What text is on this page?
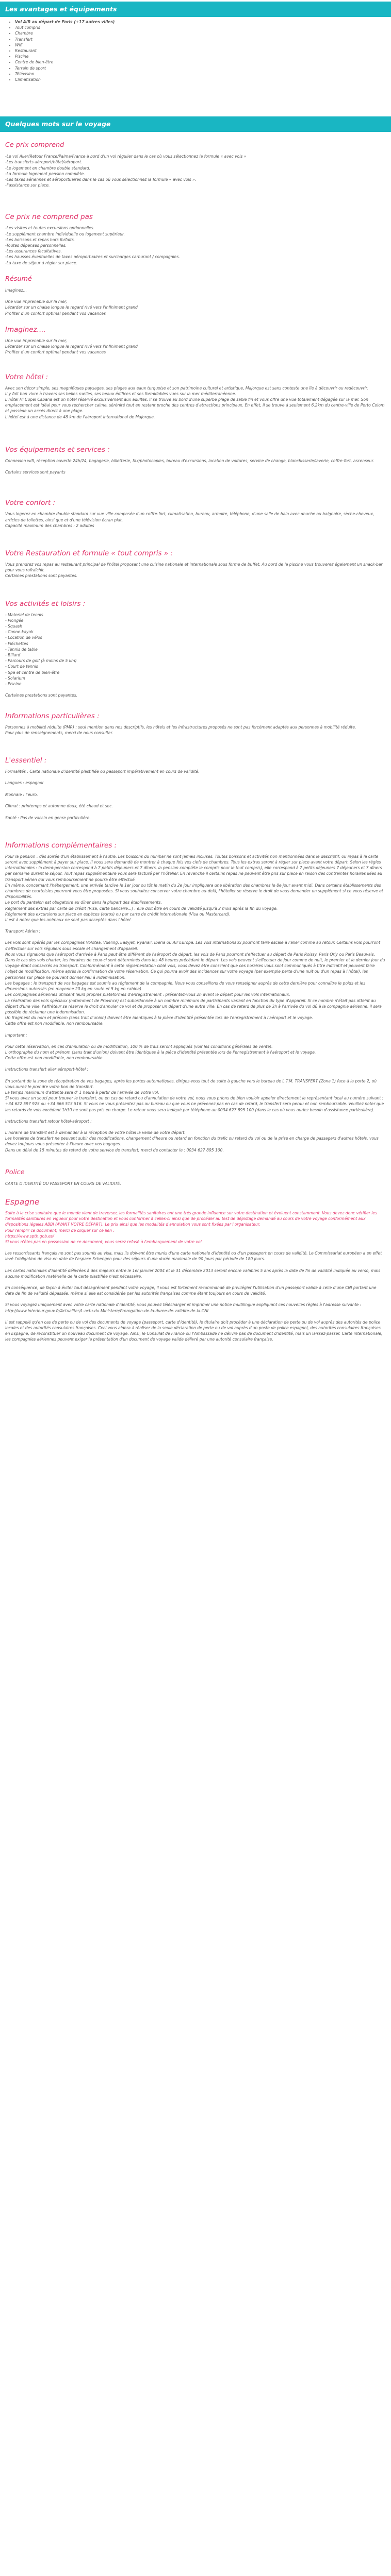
Les avantages et équipements
• Vol A/R au départ de Paris (+17 autres villes)
• Tout compris
• Chambre
• Transfert
• Wifi
• Restaurant
• Piscine
• Centre de bien-être
• Terrain de sport
• Télévision
• Climatisation
Quelques mots sur le voyage
Ce prix comprend

-Le vol Aller/Retour France/Palma/France à bord d'un vol régulier dans le cas où vous sélectionnez la formule « avec vols »

-Les transferts aéroport/hôtel/aéroport.

-Le logement en chambre double standard.

-La formule logement pension complète.

-Les taxes aériennes et aéroportuaires dans le cas où vous sélectionnez la formule « avec vols ».

-l'assistance sur place.

Ce prix ne comprend pas

-Les visites et toutes excursions optionnelles.

-Le supplément chambre individuelle ou logement supérieur.

-Les boissons et repas hors forfaits.

-Toutes dépenses personnelles.

-Les assurances facultatives.

-Les hausses éventuelles de taxes aéroportuaires et surcharges carburant / compagnies.

-La taxe de séjour à régler sur place.

Résumé

Imaginez...

Une vue imprenable sur la mer,

Lézarder sur un chaise longue le regard rivé vers l'infiniment grand

Profiter d'un confort optimal pendant vos vacances

Imaginez....

Une vue imprenable sur la mer,

Lézarder sur un chaise longue le regard rivé vers l'infiniment grand

Profiter d'un confort optimal pendant vos vacances

Votre hôtel :

Avec son décor simple, ses magnifiques paysages, ses plages aux eaux turquoise et son patrimoine culturel et artistique, Majorque est sans conteste une île à découvrir ou redécouvrir.

Il y fait bon vivre à travers ses belles ruelles, ses beaux édifices et ses formidables vues sur la mer méditerranéenne.

L'hôtel Hi Cupel Cabana est un hôtel réservé exclusivement aux adultes. Il se trouve au bord d'une superbe plage de sable fin et vous offre une vue totalement dégagée sur la mer. Son emplacement est idéal pour vous rechercher calme, sérénité tout en restant proche des centres d'attractions principaux. En effet, il se trouve à seulement 6.2km du centre-ville de Porto Colom et possède un accès direct à une plage.

L'hôtel est à une distance de 48 km de l'aéroport international de Majorque.

Vos équipements et services :

Connexion wifi, réception ouverte 24h/24, bagagerie, billetterie, fax/photocopies, bureau d'excursions, location de voitures, service de change, blanchisserie/laverie, coffre-fort, ascenseur.

Certains services sont payants

Votre confort :

Vous logerez en chambre double standard sur vue ville composée d'un coffre-fort, climatisation, bureau, armoire, téléphone, d'une salle de bain avec douche ou baignoire, sèche-cheveux, articles de toilettes, ainsi que et d'une télévision écran plat.

Capacité maximum des chambres : 2 adultes

Votre Restauration et formule « tout compris » :

Vous prendrez vos repas au restaurant principal de l'hôtel proposant une cuisine nationale et internationale sous forme de buffet. Au bord de la piscine vous trouverez également un snack-bar pour vous rafraîchir.

Certaines prestations sont payantes.

Vos activités et loisirs :

- Materiel de tennis

- Plongée

- Squash

- Canoe-kayak

- Location de vélos

- Fléchettes

- Tennis de table

- Billard

- Parcours de golf (à moins de 5 km)

- Court de tennis

- Spa et centre de bien-être

- Solarium

- Piscine

Certaines prestations sont payantes.

Informations particulières :

Personnes à mobilité réduite (PMR) : seul mention dans nos descriptifs, les hôtels et les infrastructures proposés ne sont pas forcément adaptés aux personnes à mobilité réduite.

Pour plus de renseignements, merci de nous consulter.

L'essentiel :

Formalités : Carte nationale d'identité plastifiée ou passeport impérativement en cours de validité.

Langues : espagnol

Monnaie : l'euro.

Climat : printemps et automne doux, été chaud et sec.

Santé : Pas de vaccin en genre particulière.

Informations complémentaires :

Pour la pension : dès soirée d'un établissement à l'autre. Les boissons du minibar ne sont jamais incluses. Toutes boissons et activités non mentionnées dans le descriptif, ou repas à la carte seront avec supplément à payer sur place. Il vous sera demandé de montrer à chaque fois vos clefs de chambres. Tous les extras seront à régler sur place avant votre départ. Selon les règles internationales : la demi-pension correspond à 7 petits déjeuners et 7 dîners, la pension complète le compris pour le tout compris), elle correspond à 7 petits déjeuners 7 déjeuners et 7 dîners par semaine durant le séjour. Tout repas supplémentaire vous sera facturé par l'hôtelier. En revanche il certains repas ne peuvent être pris sur place en raison des contraintes horaires liées au transport aérien qui vous remboursement ne pourra être effectué.

En même, concernant l'hébergement, une arrivée tardive le 1er jour ou tôt le matin du 2e jour impliquera une libération des chambres le 8e jour avant midi. Dans certains établissements des chambres de courtoisies pourront vous être proposées. Si vous souhaitez conserver votre chambre au-delà, l'hôtelier se réserve le droit de vous demander un supplément si ce vous réserve et disponibilités.

Le port du pantalon est obligatoire au dîner dans la plupart des établissements.

Règlement des extras par carte de crédit (Visa, carte bancaire...) : elle doit être en cours de validité jusqu'à 2 mois après la fin du voyage.

Règlement des excursions sur place en espèces (euros) ou par carte de crédit internationale (Visa ou Mastercard).

Il est à noter que les animaux ne sont pas acceptés dans l'hôtel.

Transport Aérien :

Les vols sont opérés par les compagnies Volotea, Vueling, Easyjet, Ryanair, Iberia ou Air Europa. Les vols internationaux pourront faire escale à l'aller comme au retour. Certains vols pourront s'effectuer sur vols réguliers sous escale et changement d'appareil.

Nous vous signalons que l'aéroport d'arrivée à Paris peut être différent de l'aéroport de départ, les vols de Paris pourront s'effectuer au départ de Paris Roissy, Paris Orly ou Paris Beauvais.

Dans le cas des vols charter, les horaires de ceux-ci sont déterminés dans les 48 heures précédant le départ. Les vols peuvent s'effectuer de jour comme de nuit, le premier et le dernier jour du voyage étant consacrés au transport. Conformément à cette réglementation ciblé vols, vous devez être conscient que ces horaires vous sont communiqués à titre indicatif et peuvent faire l'objet de modification, même après la confirmation de votre réservation. Ce qui pourra avoir des incidences sur votre voyage (par exemple perte d'une nuit ou d'un repas à l'hôtel), les personnes sur place ne pouvant donner lieu à indemnisation.

Les bagages : le transport de vos bagages est soumis au règlement de la compagnie. Nous vous conseillons de vous renseigner auprès de cette dernière pour connaître le poids et les dimensions autorisés (en moyenne 20 kg en soute et 5 kg en cabine).

Les compagnies aériennes utilisent leurs propres plateformes d'enregistrement : présentez-vous 2h avant le départ pour les vols internationaux.

La réalisation des vols spéciaux (notamment de Province) est subordonnée à un nombre minimum de participants variant en fonction du type d'appareil. Si ce nombre n'était pas atteint au départ d'une ville, l'affréteur se réserve le droit d'annuler ce vol et de proposer un départ d'une autre ville. En cas de retard de plus de 3h à l'arrivée du vol dû à la compagnie aérienne, il sera possible de réclamer une indemnisation.

Un fragment du nom et prénom (sans trait d'union) doivent être identiques à la pièce d'identité présentée lors de l'enregistrement à l'aéroport et le voyage.

Cette offre est non modifiable, non remboursable.

Important :

Pour cette réservation, en cas d'annulation ou de modification, 100 % de frais seront appliqués (voir les conditions générales de vente).

L'orthographe du nom et prénom (sans trait d'union) doivent être identiques à la pièce d'identité présentée lors de l'enregistrement à l'aéroport et le voyage.

Cette offre est non modifiable, non remboursable.

Instructions transfert aller aéroport-hôtel :

En sortant de la zone de récupération de vos bagages, après les portes automatiques, dirigez-vous tout de suite à gauche vers le bureau de L.T.M. TRANSFERT (Zona 1) face à la porte 2, où vous aurez le prendre votre bon de transfert.

La temps maximum d'attente sera d' 1 heure à partir de l'arrivée de votre vol.

Si vous avez un souci pour trouver le transfert, ou en cas de retard ou d'annulation de votre vol, nous vous prions de bien vouloir appeler directement le représentant local au numéro suivant : +34 622 597 925 ou +34 666 515 516. Si vous ne vous présentez pas au bureau ou que vous ne prévenez pas en cas de retard, le transfert sera perdu et non remboursable. Veuillez noter que les retards de vols excédant 1h30 ne sont pas pris en charge. Le retour vous sera indiqué par téléphone au 0034 627 895 100 (dans le cas où vous auriez besoin d'assistance particulière).

Instructions transfert retour hôtel-aéroport :

L'horaire de transfert est à demander à la réception de votre hôtel la veille de votre départ.

Les horaires de transfert ne peuvent subir des modifications, changement d'heure ou retard en fonction du trafic ou retard du vol ou de la prise en charge de passagers d'autres hôtels, vous devez toujours vous présenter à l'heure avec vos bagages.

Dans un délai de 15 minutes de retard de votre service de transfert, merci de contacter le : 0034 627 895 100.

Police

CARTE D'IDENTITÉ OU PASSEPORT EN COURS DE VALIDITÉ.

Espagne

Suite à la crise sanitaire que le monde vient de traverser, les formalités sanitaires ont une très grande influence sur votre destination et évoluent constamment. Vous devez donc vérifier les formalités sanitaires en vigueur pour votre destination et vous conformer à celles-ci ainsi que de procéder au test de dépistage demandé au cours de votre voyage conformément aux dispositions légales ABBI (AVANT VOTRE DÉPART). Le prix ainsi que les modalités d'annulation vous sont fixées par l'organisateur.

Pour remplir ce document, merci de cliquer sur ce lien :

https://www.spth.gob.es/

Si vous n'êtes pas en possession de ce document, vous serez refusé à l'embarquement de votre vol.

Les ressortissants français ne sont pas soumis au visa, mais ils doivent être munis d'une carte nationale d'identité ou d'un passeport en cours de validité. Le Commissariat européen a en effet levé l'obligation de visa en date de l'espace Schengen pour des séjours d'une durée maximale de 90 jours par période de 180 jours.

Les cartes nationales d'identité délivrées à des majeurs entre le 1er janvier 2004 et le 31 décembre 2013 seront encore valables 5 ans après la date de fin de validité indiquée au verso, mais aucune modification matérielle de la carte plastifiée n'est nécessaire.

En conséquence, de façon à éviter tout désagrément pendant votre voyage, il vous est fortement recommandé de privilégier l'utilisation d'un passeport valide à celle d'une CNI portant une date de fin de validité dépassée, même si elle est considérée par les autorités françaises comme étant toujours en cours de validité.

Si vous voyagez uniquement avec votre carte nationale d'identité, vous pouvez télécharger et imprimer une notice multilingue expliquant ces nouvelles règles à l'adresse suivante : http://www.interieur.gouv.fr/Actualites/L-actu-du-Ministere/Prorogation-de-la-duree-de-validite-de-la-CNI

Il est rappelé qu'en cas de perte ou de vol des documents de voyage (passeport, carte d'identité), le titulaire doit procéder à une déclaration de perte ou de vol auprès des autorités de police locales et des autorités consulaires françaises. Ceci vous aidera à réaliser de la seule déclaration de perte ou de vol auprès d'un poste de police espagnol, des autorités consulaires françaises en Espagne, de reconstituer un nouveau document de voyage. Ainsi, le Consulat de France ou l'Ambassade ne délivre pas de document d'identité, mais un laissez-passer. Carte internationale, les compagnies aériennes peuvent exiger la présentation d'un document de voyage valide délivré par une autorité consulaire française.
